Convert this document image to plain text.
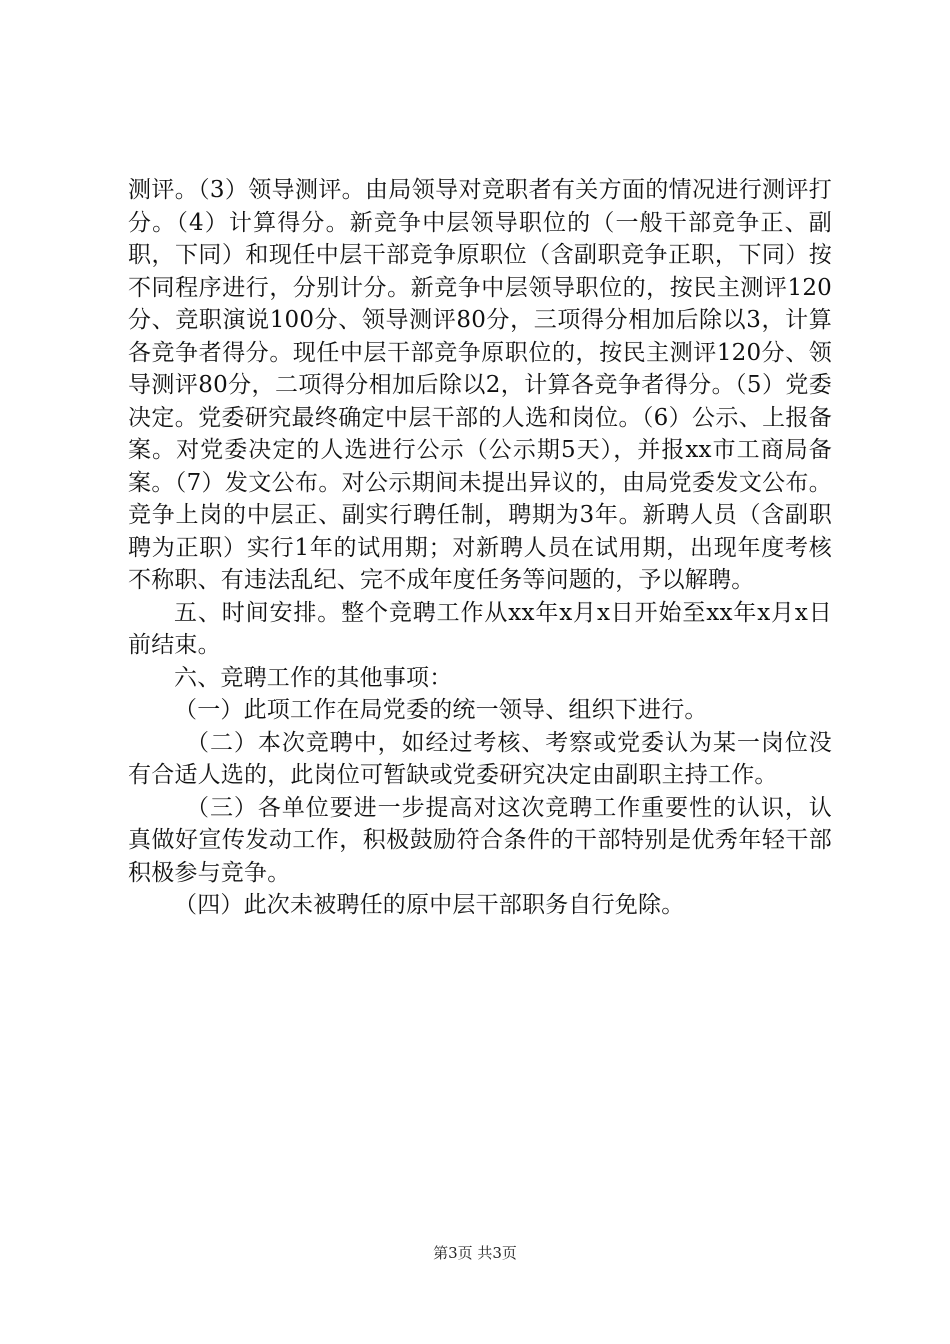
测评。（3）领导测评。由局领导对竞职者有关方面的情况进行测评打分。（4）计算得分。新竞争中层领导职位的（一般干部竞争正、副职，下同）和现任中层干部竞争原职位（含副职竞争正职，下同）按不同程序进行，分别计分。新竞争中层领导职位的，按民主测评120分、竞职演说100分、领导测评80分，三项得分相加后除以3，计算各竞争者得分。现任中层干部竞争原职位的，按民主测评120分、领导测评80分，二项得分相加后除以2，计算各竞争者得分。（5）党委决定。党委研究最终确定中层干部的人选和岗位。（6）公示、上报备案。对党委决定的人选进行公示（公示期5天），并报xx市工商局备案。（7）发文公布。对公示期间未提出异议的，由局党委发文公布。竞争上岗的中层正、副实行聘任制，聘期为3年。新聘人员（含副职聘为正职）实行1年的试用期；对新聘人员在试用期，出现年度考核不称职、有违法乱纪、完不成年度任务等问题的，予以解聘。

五、时间安排。整个竞聘工作从xx年x月x日开始至xx年x月x日前结束。

六、竞聘工作的其他事项：

（一）此项工作在局党委的统一领导、组织下进行。

（二）本次竞聘中，如经过考核、考察或党委认为某一岗位没有合适人选的，此岗位可暂缺或党委研究决定由副职主持工作。

（三）各单位要进一步提高对这次竞聘工作重要性的认识，认真做好宣传发动工作，积极鼓励符合条件的干部特别是优秀年轻干部积极参与竞争。

（四）此次未被聘任的原中层干部职务自行免除。

第3页 共3页
